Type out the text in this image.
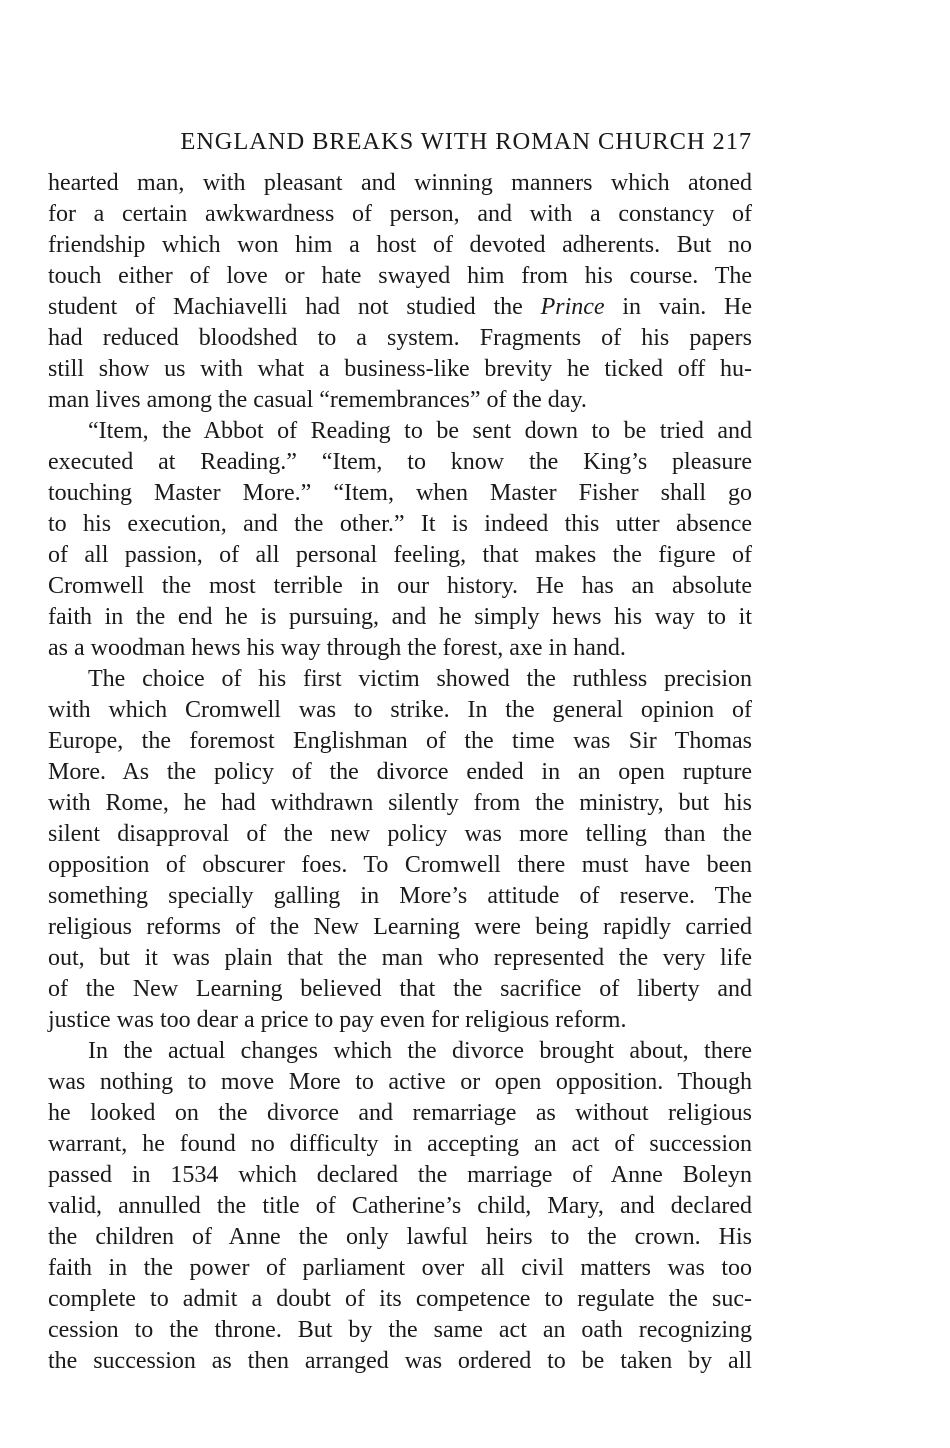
ENGLAND BREAKS WITH ROMAN CHURCH 217

hearted man, with pleasant and winning manners which atoned
for a certain awkwardness of person, and with a constancy of
friendship which won him a host of devoted adherents. But no
touch either of love or hate swayed him from his course. The
student of Machiavelli had not studied the Prince in vain. He
had reduced bloodshed to a system. Fragments of his papers
still show us with what a business-like brevity he ticked off hu-
man lives among the casual “remembrances” of the day.

“Item, the Abbot of Reading to be sent down to be tried and
executed at Reading.” “Item, to know the King’s pleasure
touching Master More.” “Item, when Master Fisher shall go
to his execution, and the other.” It is indeed this utter absence
of all passion, of all personal feeling, that makes the figure of
Cromwell the most terrible in our history. He has an absolute
faith in the end he is pursuing, and he simply hews his way to it
as a woodman hews his way through the forest, axe in hand.

The choice of his first victim showed the ruthless precision
with which Cromwell was to strike. In the general opinion of
Europe, the foremost Englishman of the time was Sir Thomas
More. As the policy of the divorce ended in an open rupture
with Rome, he had withdrawn silently from the ministry, but his
silent disapproval of the new policy was more telling than the
opposition of obscurer foes. To Cromwell there must have been
something specially galling in More’s attitude of reserve. The
religious reforms of the New Learning were being rapidly carried
out, but it was plain that the man who represented the very life
of the New Learning believed that the sacrifice of liberty and
justice was too dear a price to pay even for religious reform.

In the actual changes which the divorce brought about, there
was nothing to move More to active or open opposition. Though
he looked on the divorce and remarriage as without religious
warrant, he found no difficulty in accepting an act of succession
passed in 1534 which declared the marriage of Anne Boleyn
valid, annulled the title of Catherine’s child, Mary, and declared
the children of Anne the only lawful heirs to the crown. His
faith in the power of parliament over all civil matters was too
complete to admit a doubt of its competence to regulate the suc-
cession to the throne. But by the same act an oath recognizing
the succession as then arranged was ordered to be taken by all
